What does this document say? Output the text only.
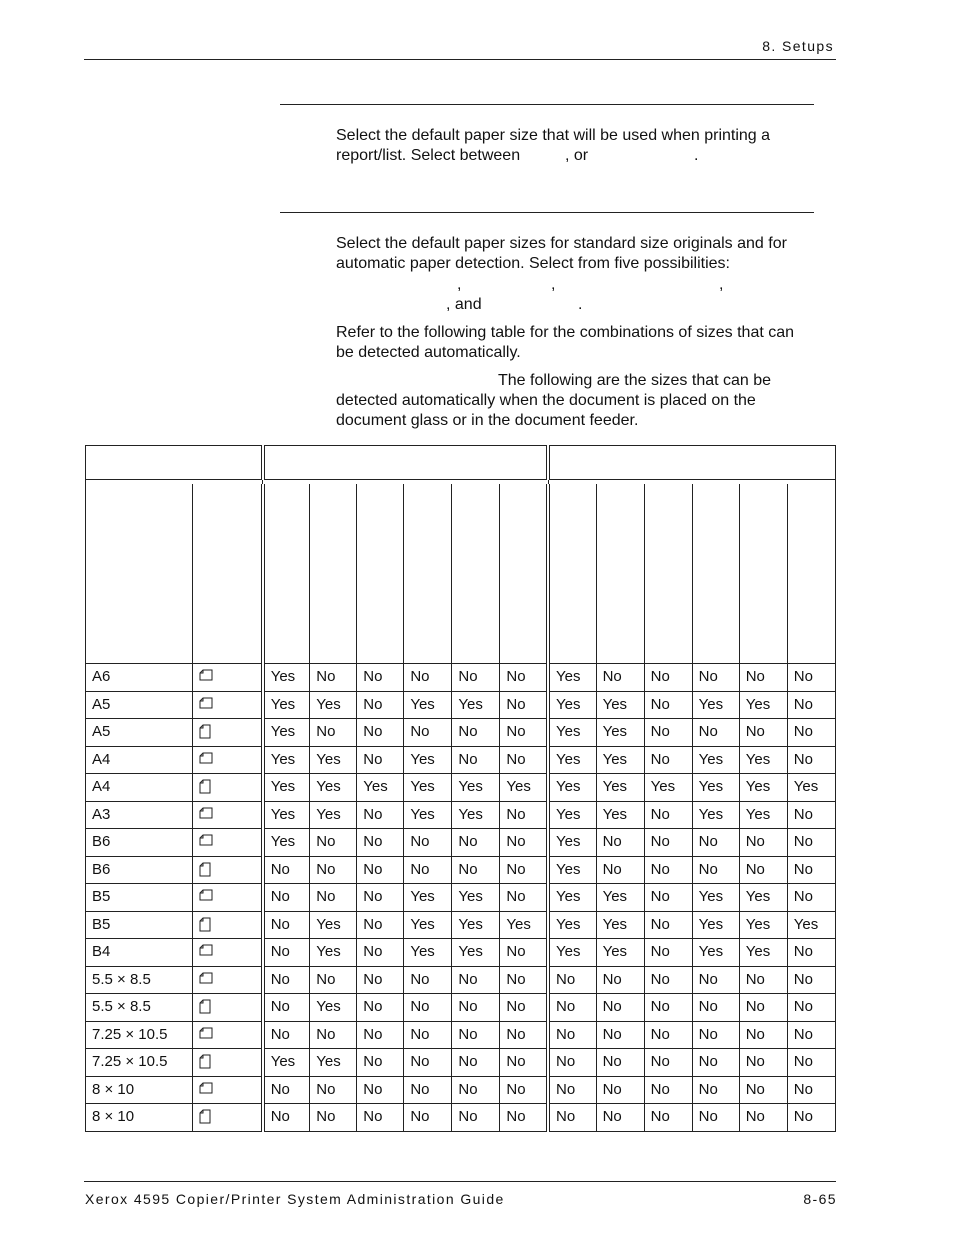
8. Setups
Select the default paper size that will be used when printing a
report/list. Select between	, or	.
Select the default paper sizes for standard size originals and for
automatic paper detection. Select from five possibilities:
,	,	,
, and	.
Refer to the following table for the combinations of sizes that can
be detected automatically.
The following are the sizes that can be
detected automatically when the document is placed on the
document glass or in the document feeder.

A6		Yes	No	No	No	No	No	Yes	No	No	No	No	No
A5		Yes	Yes	No	Yes	Yes	No	Yes	Yes	No	Yes	Yes	No
A5		Yes	No	No	No	No	No	Yes	Yes	No	No	No	No
A4		Yes	Yes	No	Yes	No	No	Yes	Yes	No	Yes	Yes	No
A4		Yes	Yes	Yes	Yes	Yes	Yes	Yes	Yes	Yes	Yes	Yes	Yes
A3		Yes	Yes	No	Yes	Yes	No	Yes	Yes	No	Yes	Yes	No
B6		Yes	No	No	No	No	No	Yes	No	No	No	No	No
B6		No	No	No	No	No	No	Yes	No	No	No	No	No
B5		No	No	No	Yes	Yes	No	Yes	Yes	No	Yes	Yes	No
B5		No	Yes	No	Yes	Yes	Yes	Yes	Yes	No	Yes	Yes	Yes
B4		No	Yes	No	Yes	Yes	No	Yes	Yes	No	Yes	Yes	No
5.5 × 8.5		No	No	No	No	No	No	No	No	No	No	No	No
5.5 × 8.5		No	Yes	No	No	No	No	No	No	No	No	No	No
7.25 × 10.5		No	No	No	No	No	No	No	No	No	No	No	No
7.25 × 10.5		Yes	Yes	No	No	No	No	No	No	No	No	No	No
8 × 10		No	No	No	No	No	No	No	No	No	No	No	No
8 × 10		No	No	No	No	No	No	No	No	No	No	No	No
Xerox 4595 Copier/Printer System Administration Guide	8-65
